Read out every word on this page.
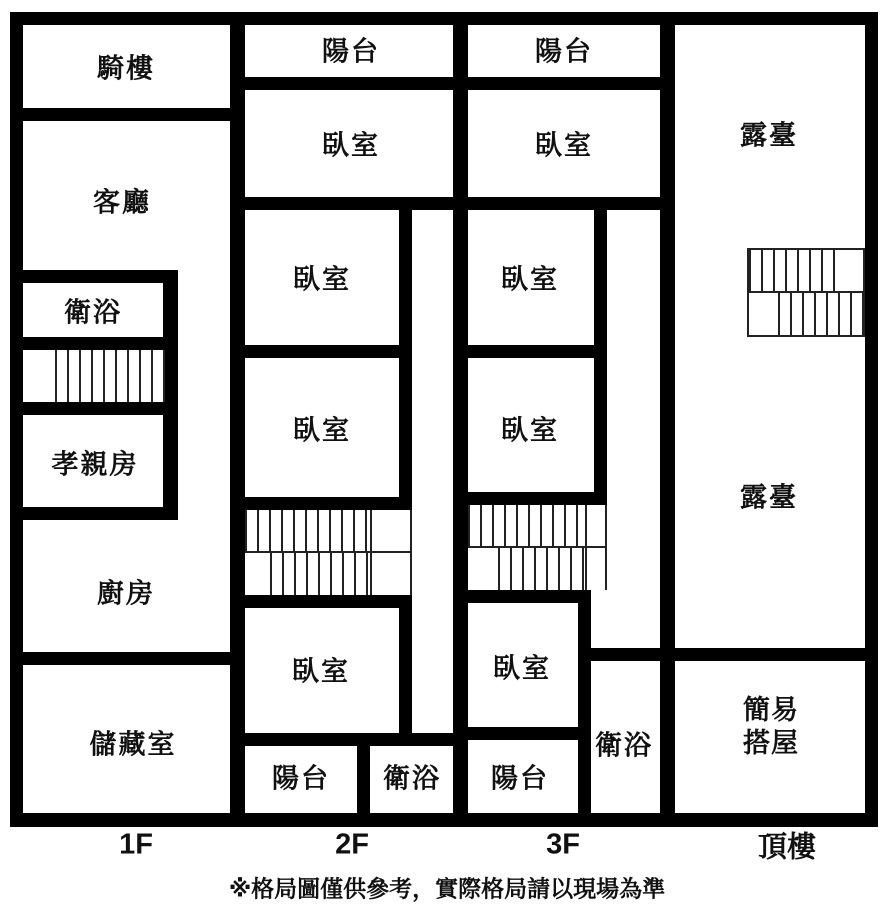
騎樓
客廳
衛浴
孝親房
廚房
儲藏室
陽台
臥室
臥室
臥室
臥室
陽台 衛浴
陽台
臥室
臥室
臥室
臥室
陽台
衛浴
露臺
露臺
簡易搭屋
1F	2F	3F	頂樓
※格局圖僅供參考，實際格局請以現場為準
